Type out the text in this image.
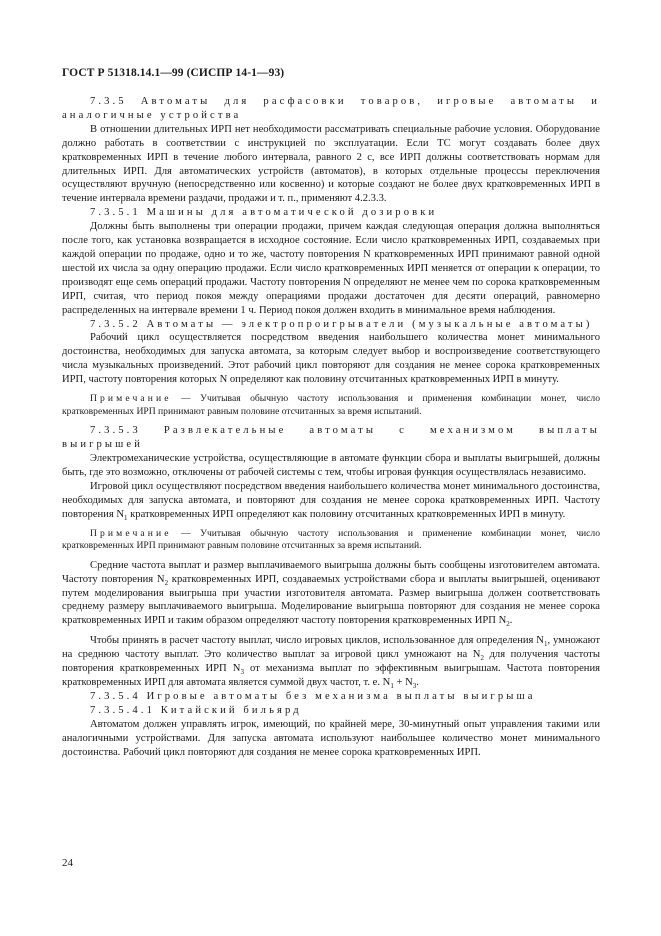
ГОСТ Р 51318.14.1—99 (СИСПР 14-1—93)

7.3.5 Автоматы для расфасовки товаров, игровые автоматы и аналогичные устройства

В отношении длительных ИРП нет необходимости рассматривать специальные рабочие условия. Оборудование должно работать в соответствии с инструкцией по эксплуатации. Если ТС могут создавать более двух кратковременных ИРП в течение любого интервала, равного 2 с, все ИРП должны соответствовать нормам для длительных ИРП. Для автоматических устройств (автоматов), в которых отдельные процессы переключения осуществляют вручную (непосредственно или косвенно) и которые создают не более двух кратковременных ИРП в течение интервала времени раздачи, продажи и т. п., применяют 4.2.3.3.

7.3.5.1 Машины для автоматической дозировки

Должны быть выполнены три операции продажи, причем каждая следующая операция должна выполняться после того, как установка возвращается в исходное состояние. Если число кратковременных ИРП, создаваемых при каждой операции по продаже, одно и то же, частоту повторения N кратковременных ИРП принимают равной одной шестой их числа за одну операцию продажи. Если число кратковременных ИРП меняется от операции к операции, то производят еще семь операций продажи. Частоту повторения N определяют не менее чем по сорока кратковременным ИРП, считая, что период покоя между операциями продажи достаточен для десяти операций, равномерно распределенных на интервале времени 1 ч. Период покоя должен входить в минимальное время наблюдения.

7.3.5.2 Автоматы — электропроигрыватели (музыкальные автоматы)

Рабочий цикл осуществляется посредством введения наибольшего количества монет минимального достоинства, необходимых для запуска автомата, за которым следует выбор и воспроизведение соответствующего числа музыкальных произведений. Этот рабочий цикл повторяют для создания не менее сорока кратковременных ИРП, частоту повторения которых N определяют как половину отсчитанных кратковременных ИРП в минуту.

Примечание — Учитывая обычную частоту использования и применения комбинации монет, число кратковременных ИРП принимают равным половине отсчитанных за время испытаний.

7.3.5.3 Развлекательные автоматы с механизмом выплаты выигрышей

Электромеханические устройства, осуществляющие в автомате функции сбора и выплаты выигрышей, должны быть, где это возможно, отключены от рабочей системы с тем, чтобы игровая функция осуществлялась независимо.

Игровой цикл осуществляют посредством введения наибольшего количества монет минимального достоинства, необходимых для запуска автомата, и повторяют для создания не менее сорока кратковременных ИРП. Частоту повторения $N_1$ кратковременных ИРП определяют как половину отсчитанных кратковременных ИРП в минуту.

Примечание — Учитывая обычную частоту использования и применение комбинации монет, число кратковременных ИРП принимают равным половине отсчитанных за время испытаний.

Средние частота выплат и размер выплачиваемого выигрыша должны быть сообщены изготовителем автомата. Частоту повторения $N_2$ кратковременных ИРП, создаваемых устройствами сбора и выплаты выигрышей, оценивают путем моделирования выигрыша при участии изготовителя автомата. Размер выигрыша должен соответствовать среднему размеру выплачиваемого выигрыша. Моделирование выигрыша повторяют для создания не менее сорока кратковременных ИРП и таким образом определяют частоту повторения кратковременных ИРП $N_2$.

Чтобы принять в расчет частоту выплат, число игровых циклов, использованное для определения $N_1$, умножают на среднюю частоту выплат. Это количество выплат за игровой цикл умножают на $N_2$ для получения частоты повторения кратковременных ИРП $N_3$ от механизма выплат по эффективным выигрышам. Частота повторения кратковременных ИРП для автомата является суммой двух частот, т. е. $N_1 + N_3$.

7.3.5.4 Игровые автоматы без механизма выплаты выигрыша

7.3.5.4.1 Китайский бильярд

Автоматом должен управлять игрок, имеющий, по крайней мере, 30-минутный опыт управления такими или аналогичными устройствами. Для запуска автомата используют наибольшее количество монет минимального достоинства. Рабочий цикл повторяют для создания не менее сорока кратковременных ИРП.

24
